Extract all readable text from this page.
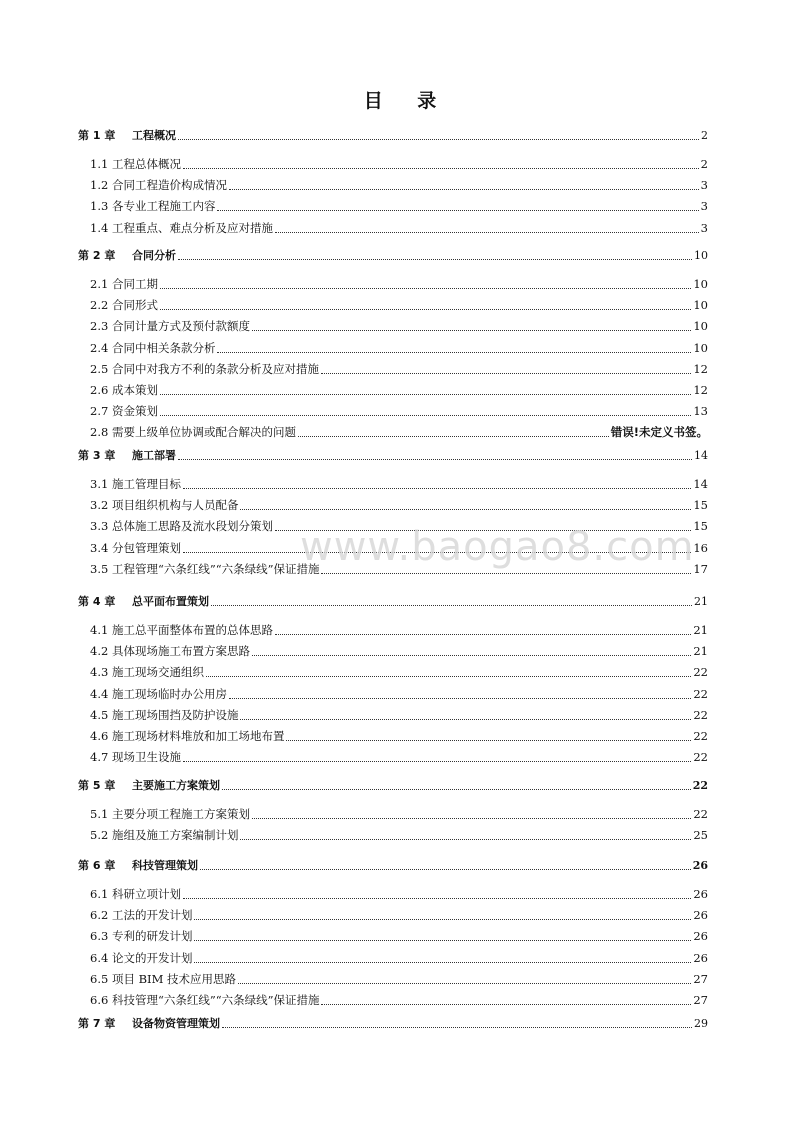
目 录
第 1 章 工程概况	2
1.1 工程总体概况	2
1.2 合同工程造价构成情况	3
1.3 各专业工程施工内容	3
1.4 工程重点、难点分析及应对措施	3
第 2 章 合同分析	10
2.1 合同工期	10
2.2 合同形式	10
2.3 合同计量方式及预付款额度	10
2.4 合同中相关条款分析	10
2.5 合同中对我方不利的条款分析及应对措施	12
2.6 成本策划	12
2.7 资金策划	13
2.8 需要上级单位协调或配合解决的问题	错误!未定义书签。
第 3 章 施工部署	14
3.1 施工管理目标	14
3.2 项目组织机构与人员配备	15
3.3 总体施工思路及流水段划分策划	15
3.4 分包管理策划	16
3.5 工程管理“六条红线”“六条绿线”保证措施	17
第 4 章 总平面布置策划	21
4.1 施工总平面整体布置的总体思路	21
4.2 具体现场施工布置方案思路	21
4.3 施工现场交通组织	22
4.4 施工现场临时办公用房	22
4.5 施工现场围挡及防护设施	22
4.6 施工现场材料堆放和加工场地布置	22
4.7 现场卫生设施	22
第 5 章 主要施工方案策划	22
5.1 主要分项工程施工方案策划	22
5.2 施组及施工方案编制计划	25
第 6 章 科技管理策划	26
6.1 科研立项计划	26
6.2 工法的开发计划	26
6.3 专利的研发计划	26
6.4 论文的开发计划	26
6.5 项目 BIM 技术应用思路	27
6.6 科技管理“六条红线”“六条绿线”保证措施	27
第 7 章 设备物资管理策划	29
www.baogao8.com
